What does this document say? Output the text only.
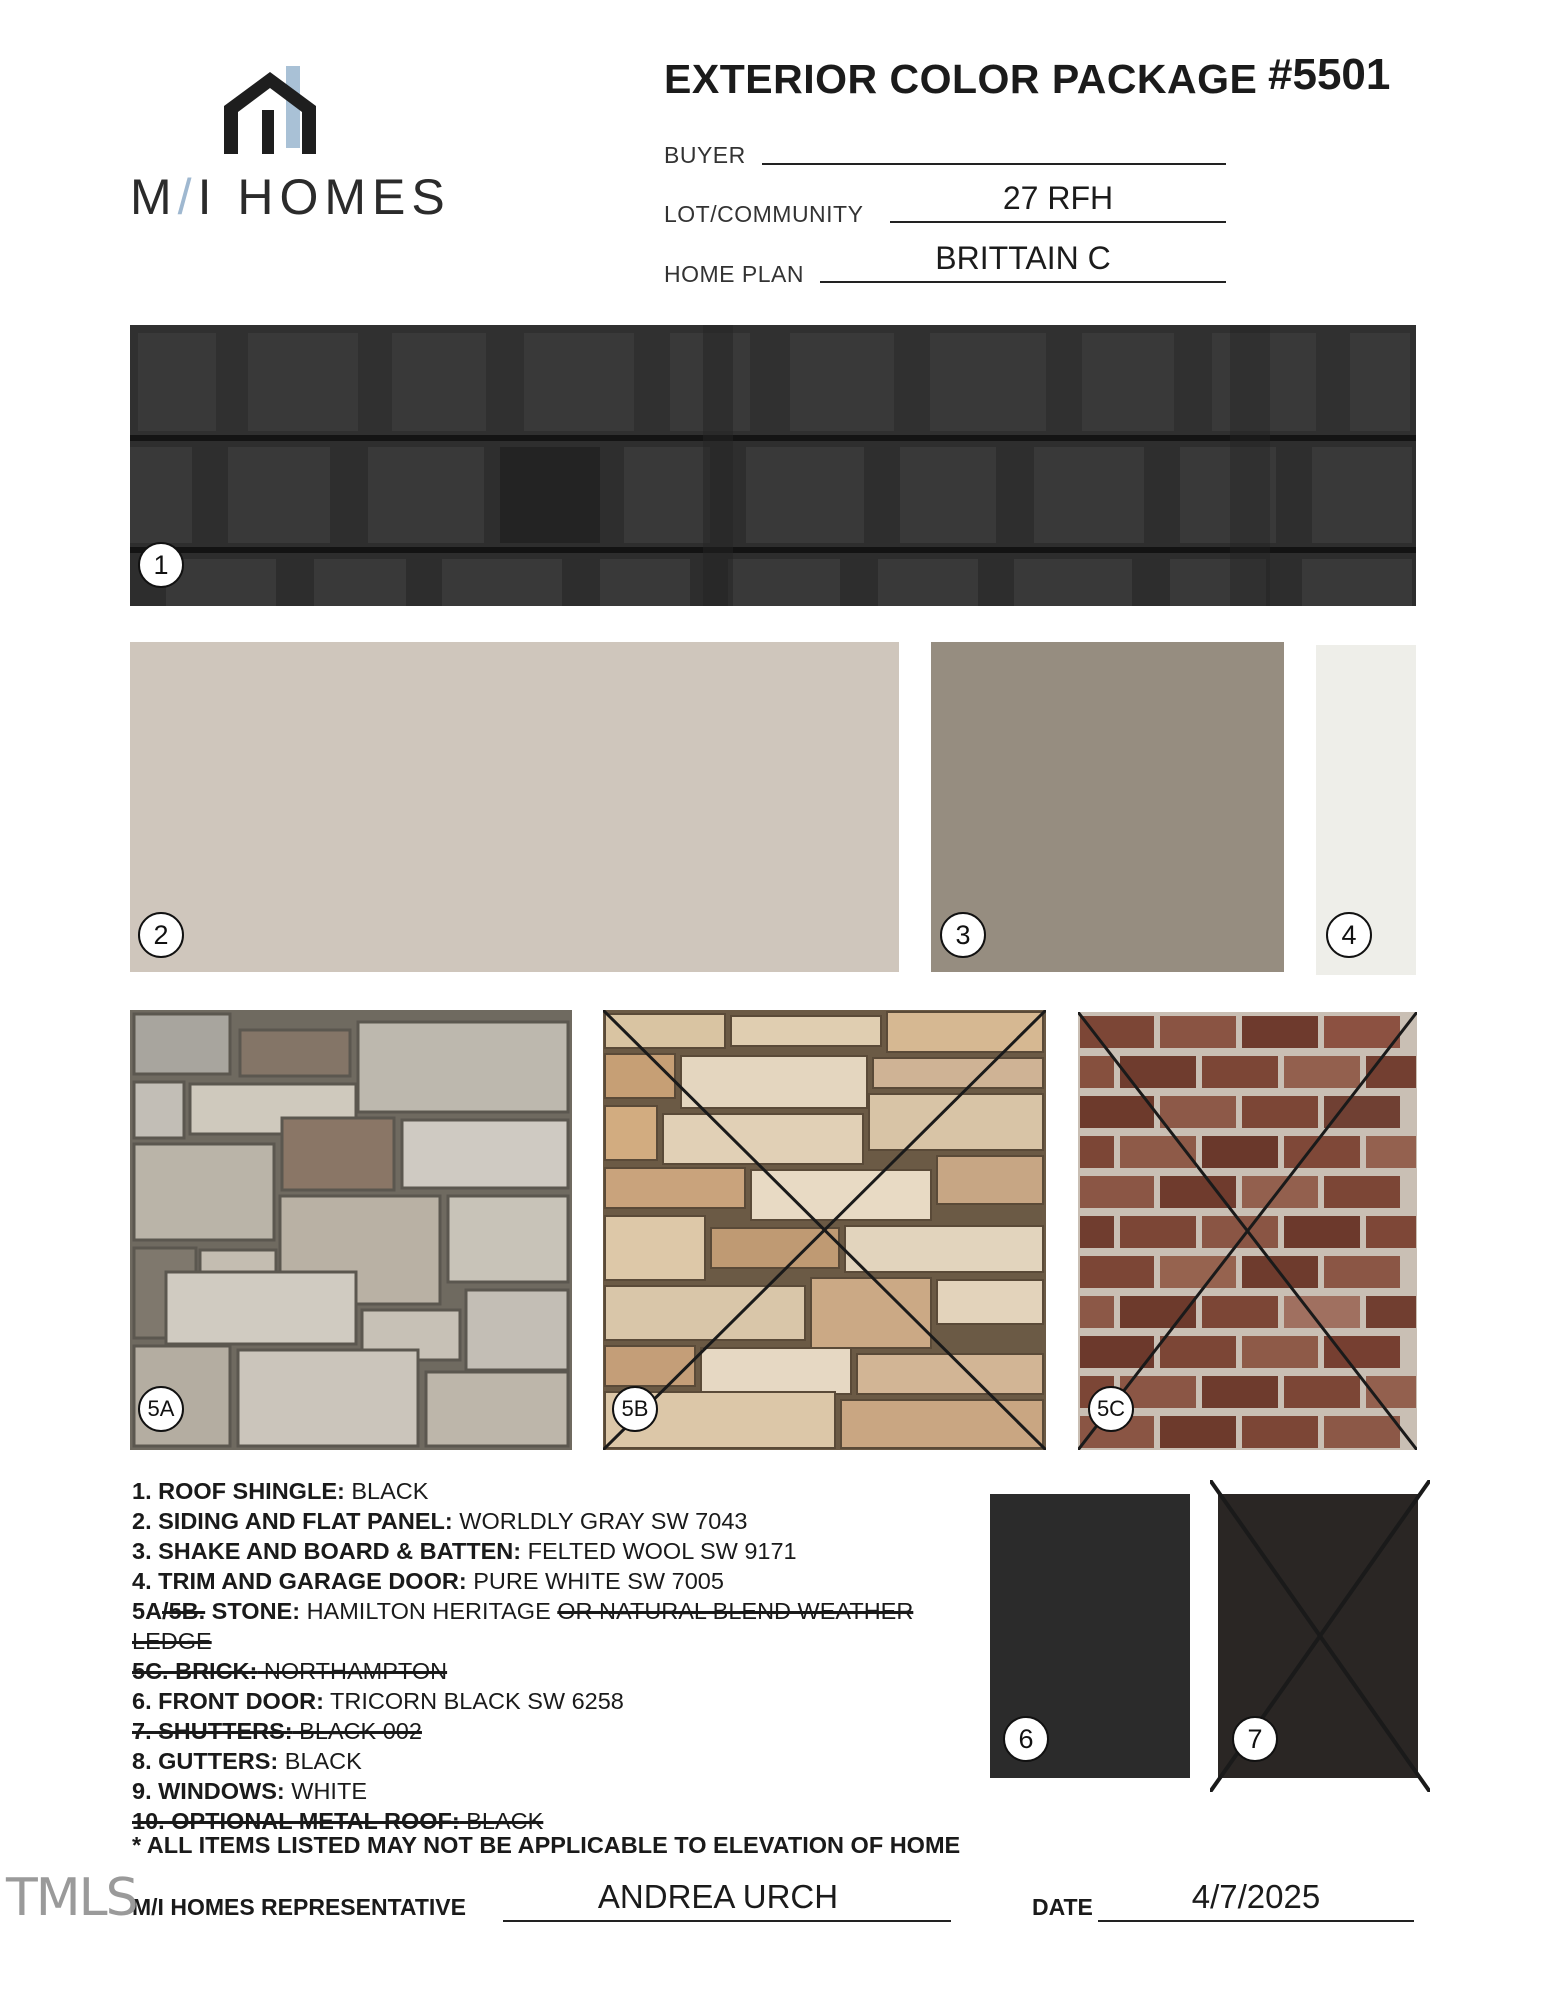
M/I HOMES
EXTERIOR COLOR PACKAGE #5501
BUYER
LOT/COMMUNITY	27 RFH
HOME PLAN	BRITTAIN C
1
2	3	4
5A	5B	5C
1. ROOF SHINGLE: BLACK
2. SIDING AND FLAT PANEL: WORLDLY GRAY SW 7043
3. SHAKE AND BOARD & BATTEN: FELTED WOOL SW 9171
4. TRIM AND GARAGE DOOR: PURE WHITE SW 7005
5A/5B. STONE: HAMILTON HERITAGE OR NATURAL BLEND WEATHER
LEDGE
5C. BRICK: NORTHAMPTON
6. FRONT DOOR: TRICORN BLACK SW 6258
7. SHUTTERS: BLACK 002
8. GUTTERS: BLACK
9. WINDOWS: WHITE
10. OPTIONAL METAL ROOF: BLACK
* ALL ITEMS LISTED MAY NOT BE APPLICABLE TO ELEVATION OF HOME
6	7
M/I HOMES REPRESENTATIVE	ANDREA URCH	DATE	4/7/2025
TMLS
